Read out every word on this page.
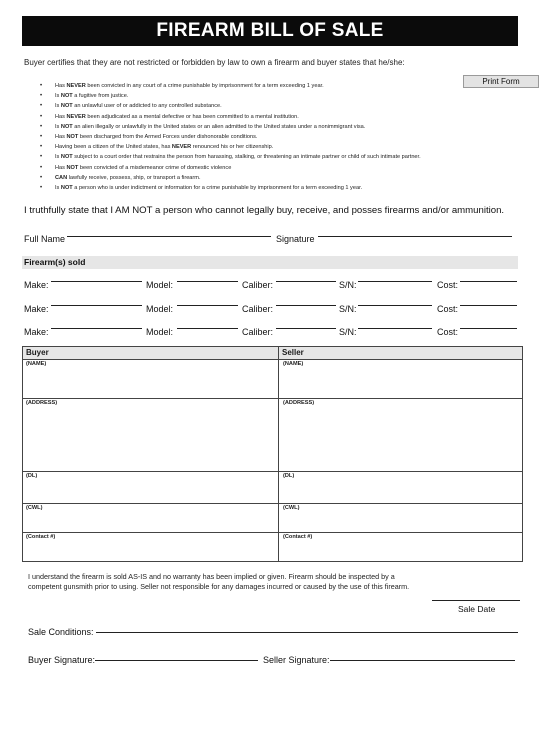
FIREARM BILL OF SALE
Buyer certifies that they are not restricted or forbidden by law to own a firearm and buyer states that he/she:
Print Form
• Has NEVER been convicted in any court of a crime punishable by imprisonment for a term exceeding 1 year.
• Is NOT a fugitive from justice.
• Is NOT an unlawful user of or addicted to any controlled substance.
• Has NEVER been adjudicated as a mental defective or has been committed to a mental institution.
• Is NOT an alien illegally or unlawfully in the United states or an alien admitted to the United states under a nonimmigrant visa.
• Has NOT been discharged from the Armed Forces under dishonorable conditions.
• Having been a citizen of the United states, has NEVER renounced his or her citizenship.
• Is NOT subject to a court order that restrains the person from harassing, stalking, or threatening an intimate partner or child of such intimate partner.
• Has NOT been convicted of a misdemeanor crime of domestic violence
• CAN lawfully receive, possess, ship, or transport a firearm.
• Is NOT a person who is under indictment or information for a crime punishable by imprisonment for a term exceeding 1 year.
I truthfully state that I AM NOT a person who cannot legally buy, receive, and posses firearms and/or ammunition.
Full Name	Signature
Firearm(s) sold
Make:	Model:	Caliber:	S/N:	Cost:
Make:	Model:	Caliber:	S/N:	Cost:
Make:	Model:	Caliber:	S/N:	Cost:
Buyer	Seller
(NAME)	(NAME)
(ADDRESS)	(ADDRESS)
(DL)	(DL)
(CWL)	(CWL)
(Contact #)	(Contact #)
I understand the firearm is sold AS-IS and no warranty has been implied or given. Firearm should be inspected by a
competent gunsmith prior to using. Seller not responsible for any damages incurred or caused by the use of this firearm.
Sale Date
Sale Conditions:
Buyer Signature:	Seller Signature:
